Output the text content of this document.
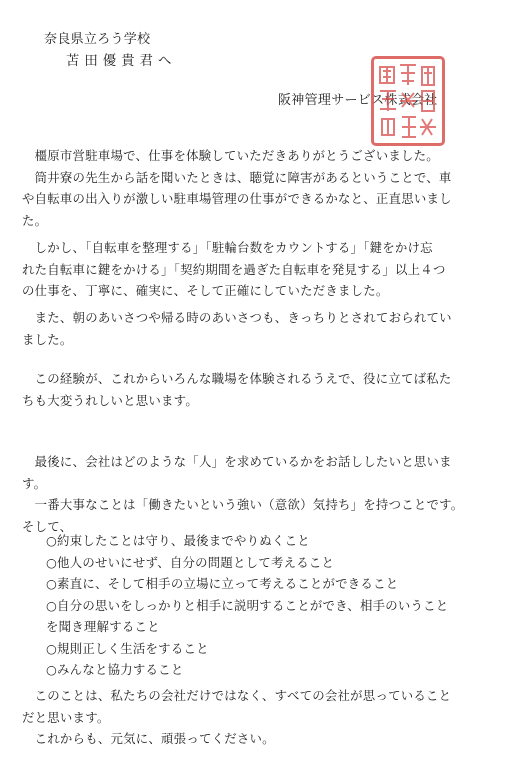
奈良県立ろう学校
苫田優貴君へ
阪神管理サービス株式会社
　橿原市営駐車場で、仕事を体験していただきありがとうございました。
　筒井寮の先生から話を聞いたときは、聴覚に障害があるということで、車
や自転車の出入りが激しい駐車場管理の仕事ができるかなと、正直思いまし
た。
　しかし、「自転車を整理する」「駐輪台数をカウントする」「鍵をかけ忘
れた自転車に鍵をかける」「契約期間を過ぎた自転車を発見する」以上４つ
の仕事を、丁寧に、確実に、そして正確にしていただきました。
　また、朝のあいさつや帰る時のあいさつも、きっちりとされておられてい
ました。
　この経験が、これからいろんな職場を体験されるうえで、役に立てば私た
ちも大変うれしいと思います。
　最後に、会社はどのような「人」を求めているかをお話ししたいと思いま
す。
　一番大事なことは「働きたいという強い（意欲）気持ち」を持つことです。
そして、
○約束したことは守り、最後までやりぬくこと
○他人のせいにせず、自分の問題として考えること
○素直に、そして相手の立場に立って考えることができること
○自分の思いをしっかりと相手に説明することができ、相手のいうこと
を聞き理解すること
○規則正しく生活をすること
○みんなと協力すること
　このことは、私たちの会社だけではなく、すべての会社が思っていること
だと思います。
　これからも、元気に、頑張ってください。
